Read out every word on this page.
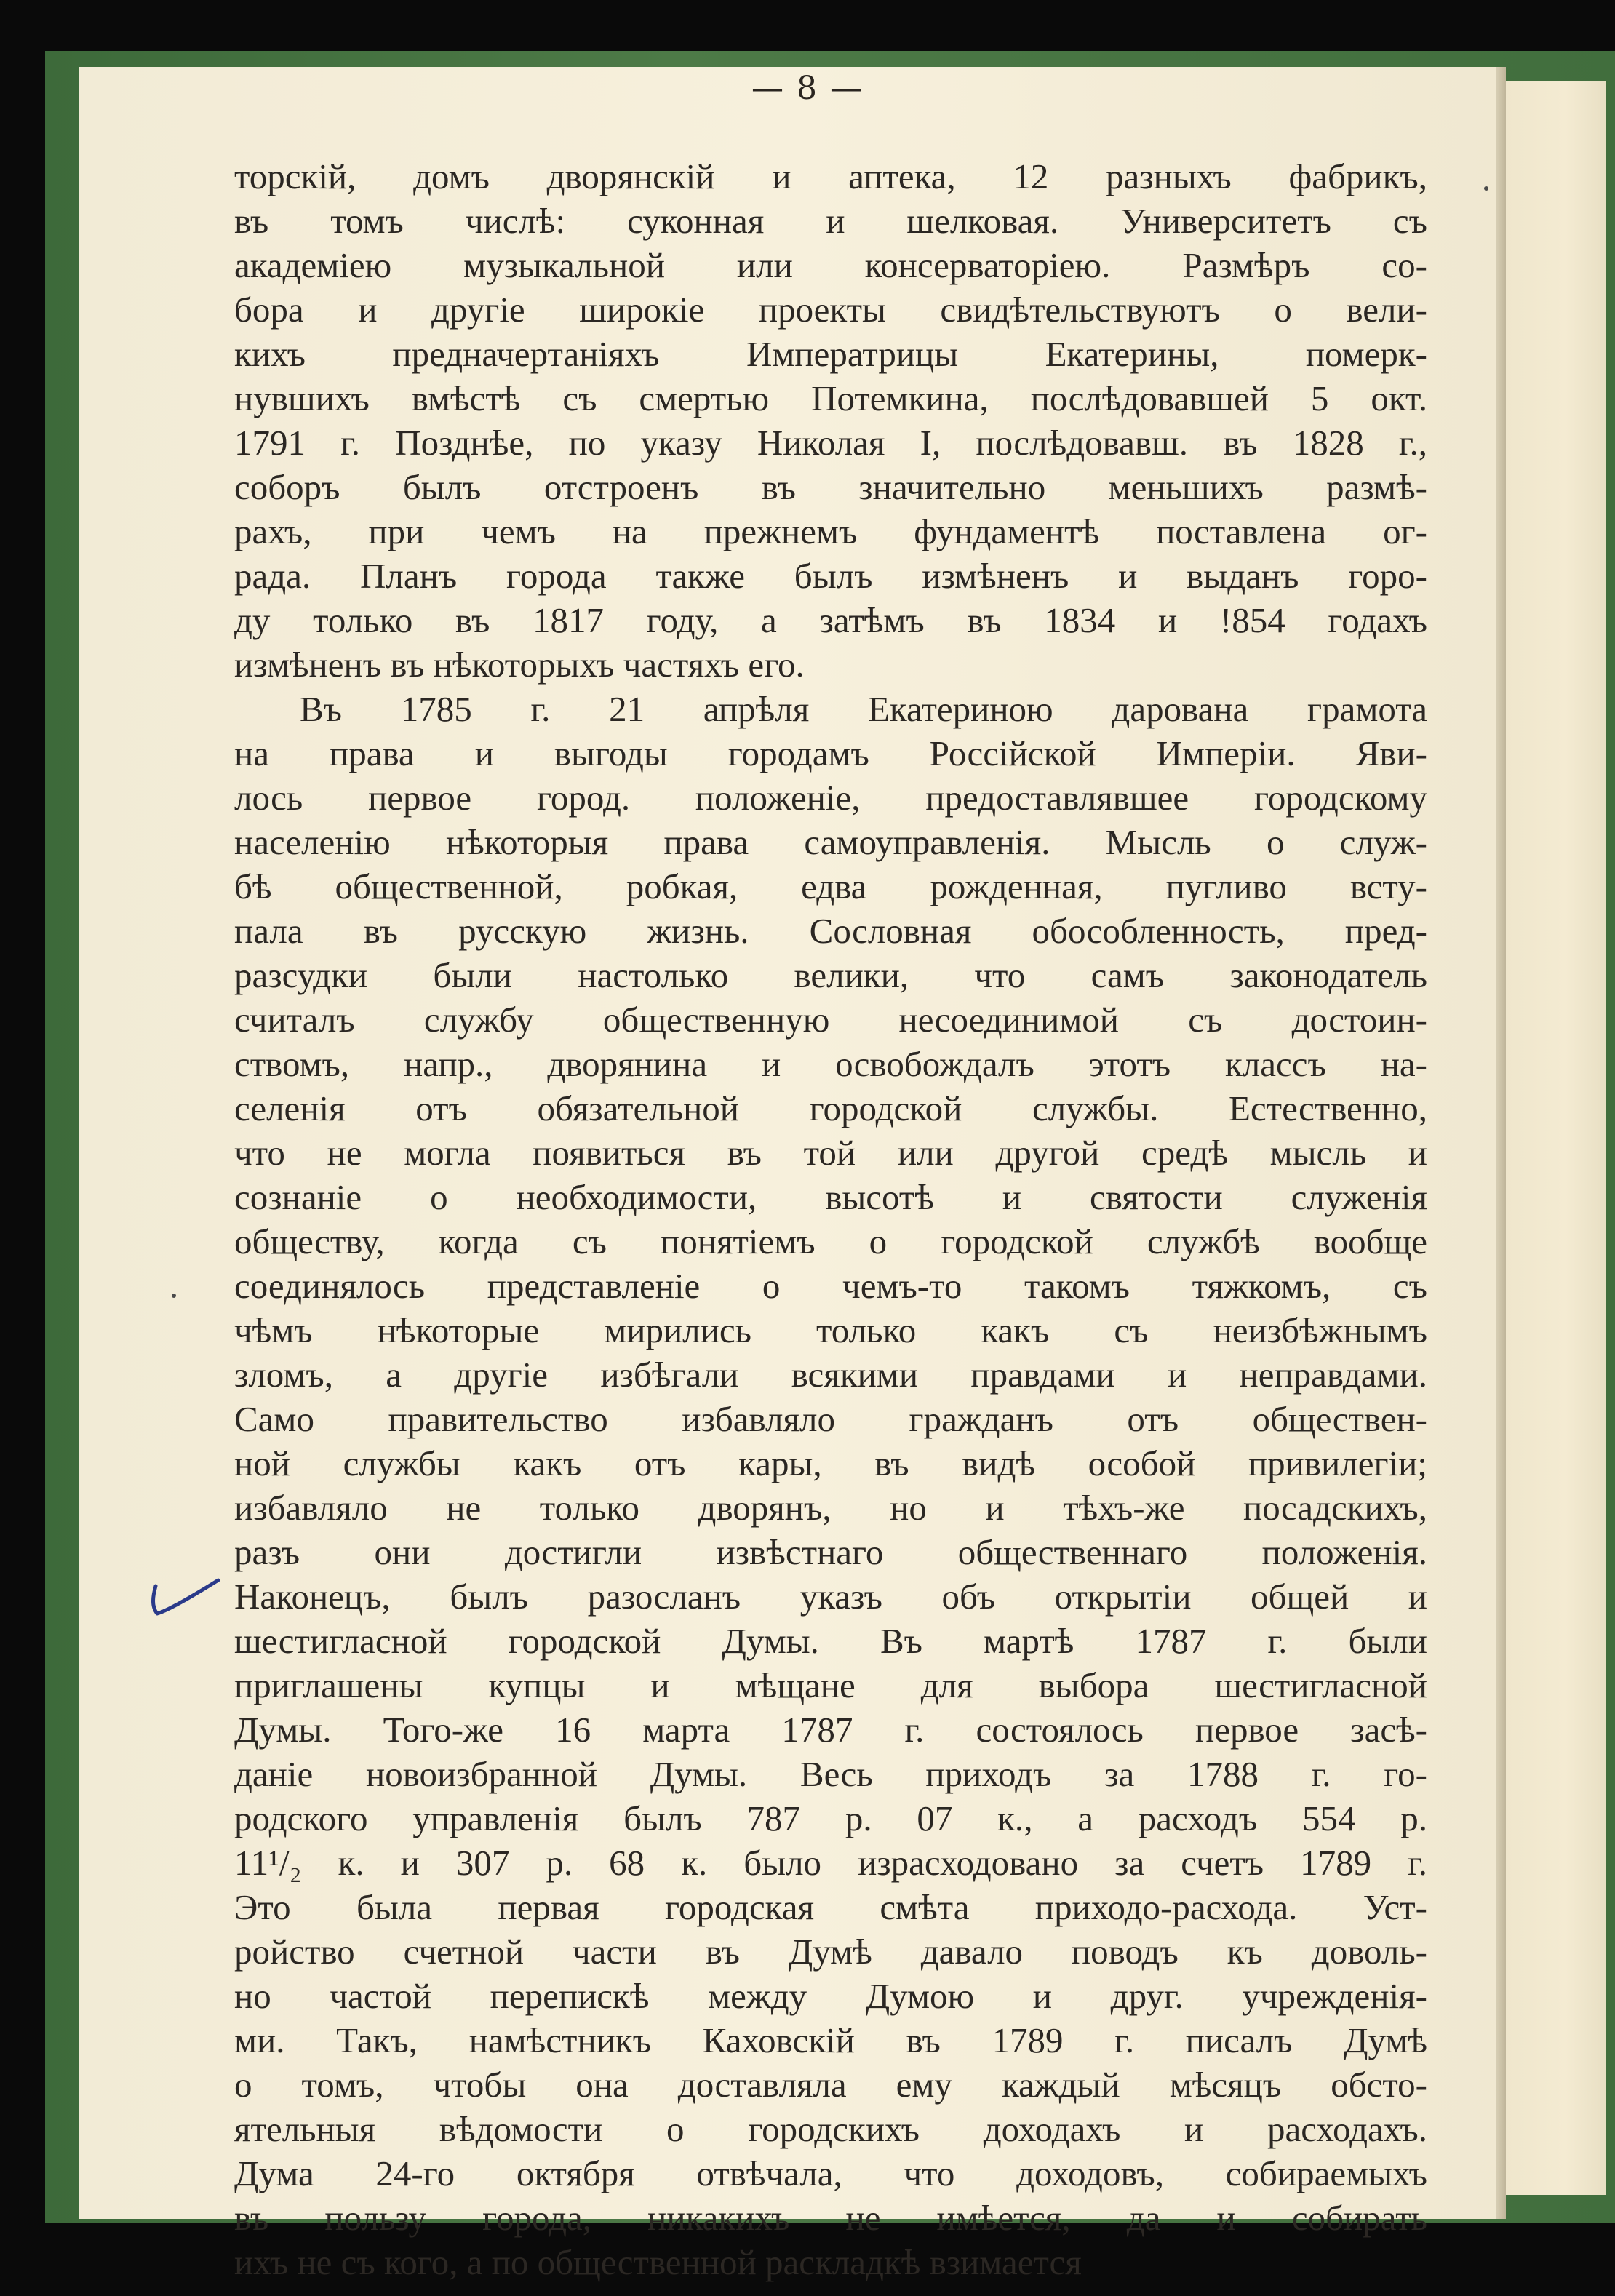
— 8 —
торскій, домъ дворянскій и аптека, 12 разныхъ фабрикъ,
въ томъ числѣ: суконная и шелковая. Университетъ съ
академіею музыкальной или консерваторіею. Размѣръ со-
бора и другіе широкіе проекты свидѣтельствуютъ о вели-
кихъ предначертаніяхъ Императрицы Екатерины, померк-
нувшихъ вмѣстѣ съ смертью Потемкина, послѣдовавшей 5 окт.
1791 г. Позднѣе, по указу Николая I, послѣдовавш. въ 1828 г.,
соборъ былъ отстроенъ въ значительно меньшихъ размѣ-
рахъ, при чемъ на прежнемъ фундаментѣ поставлена ог-
рада. Планъ города также былъ измѣненъ и выданъ горо-
ду только въ 1817 году, а затѣмъ въ 1834 и !854 годахъ
измѣненъ въ нѣкоторыхъ частяхъ его.
Въ 1785 г. 21 апрѣля Екатериною дарована грамота
на права и выгоды городамъ Россійской Имперіи. Яви-
лось первое город. положеніе, предоставлявшее городскому
населенію нѣкоторыя права самоуправленія. Мысль о служ-
бѣ общественной, робкая, едва рожденная, пугливо всту-
пала въ русскую жизнь. Сословная обособленность, пред-
разсудки были настолько велики, что самъ законодатель
считалъ службу общественную несоединимой съ достоин-
ствомъ, напр., дворянина и освобождалъ этотъ классъ на-
селенія отъ обязательной городской службы. Естественно,
что не могла появиться въ той или другой средѣ мысль и
сознаніе о необходимости, высотѣ и святости служенія
обществу, когда съ понятіемъ о городской службѣ вообще
соединялось представленіе о чемъ-то такомъ тяжкомъ, съ
чѣмъ нѣкоторые мирились только какъ съ неизбѣжнымъ
зломъ, а другіе избѣгали всякими правдами и неправдами.
Само правительство избавляло гражданъ отъ обществен-
ной службы какъ отъ кары, въ видѣ особой привилегіи;
избавляло не только дворянъ, но и тѣхъ-же посадскихъ,
разъ они достигли извѣстнаго общественнаго положенія.
Наконецъ, былъ разосланъ указъ объ открытіи общей и
шестигласной городской Думы. Въ мартѣ 1787 г. были
приглашены купцы и мѣщане для выбора шестигласной
Думы. Того-же 16 марта 1787 г. состоялось первое засѣ-
даніе новоизбранной Думы. Весь приходъ за 1788 г. го-
родского управленія былъ 787 р. 07 к., а расходъ 554 р.
11¹/₂ к. и 307 р. 68 к. было израсходовано за счетъ 1789 г.
Это была первая городская смѣта приходо-расхода. Уст-
ройство счетной части въ Думѣ давало поводъ къ доволь-
но частой перепискѣ между Думою и друг. учрежденія-
ми. Такъ, намѣстникъ Каховскій въ 1789 г. писалъ Думѣ
о томъ, чтобы она доставляла ему каждый мѣсяцъ обсто-
ятельныя вѣдомости о городскихъ доходахъ и расходахъ.
Дума 24-го октября отвѣчала, что доходовъ, собираемыхъ
въ пользу города, никакихъ не имѣется, да и собирать
ихъ не съ кого, а по общественной раскладкѣ взимается
